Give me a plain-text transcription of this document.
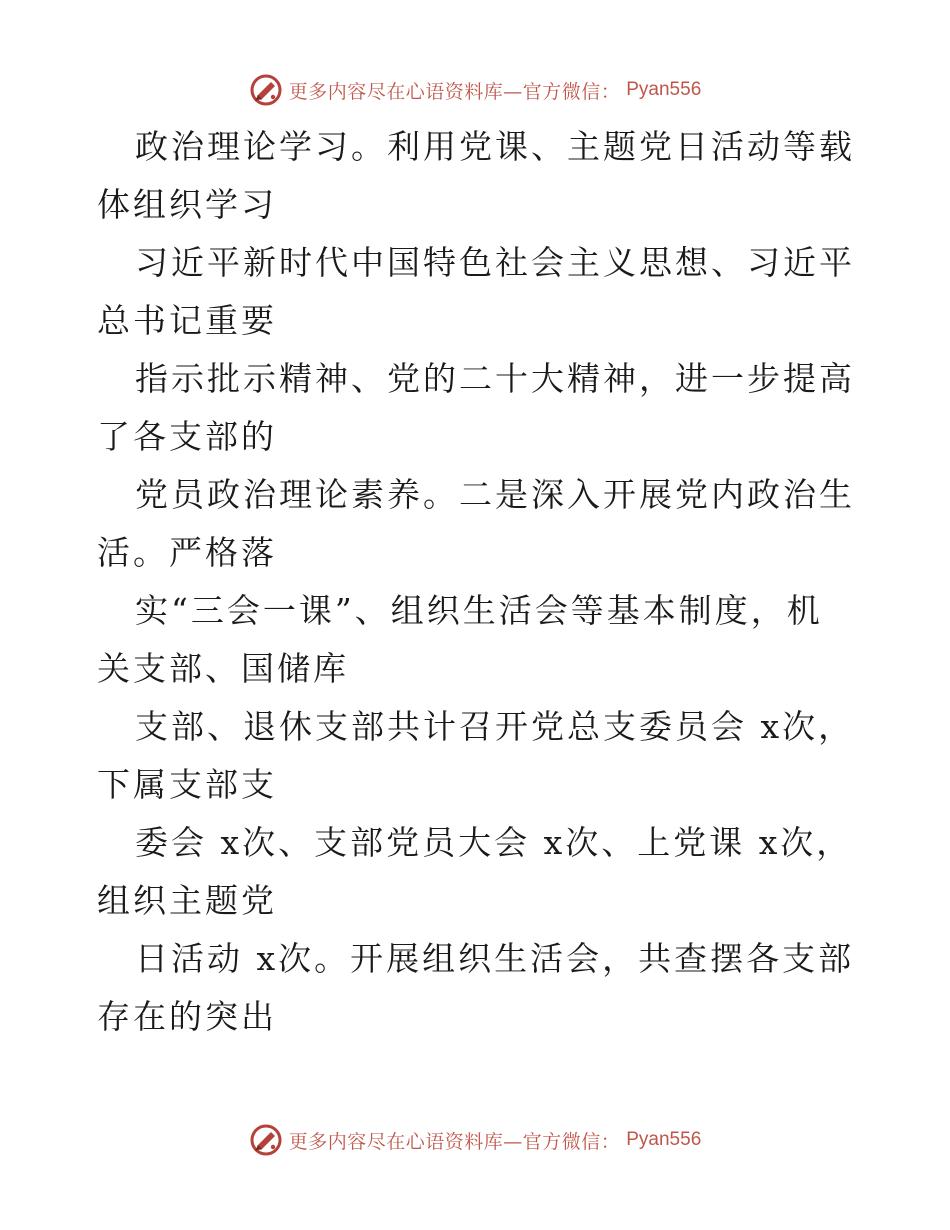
更多内容尽在心语资料库—官方微信： Pyan556

政治理论学习。利用党课、主题党日活动等载体组织学习

习近平新时代中国特色社会主义思想、习近平总书记重要

指示批示精神、党的二十大精神，进一步提高了各支部的

党员政治理论素养。二是深入开展党内政治生活。严格落

实“三会一课”、组织生活会等基本制度，机关支部、国储库

支部、退休支部共计召开党总支委员会 x次，下属支部支

委会 x次、支部党员大会 x次、上党课 x次，组织主题党

日活动 x次。开展组织生活会，共查摆各支部存在的突出

更多内容尽在心语资料库—官方微信： Pyan556
